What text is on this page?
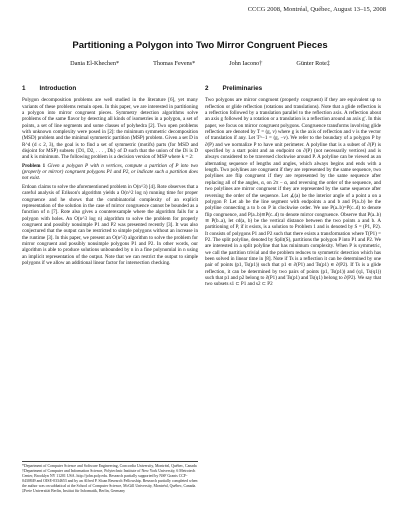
CCCG 2008, Montréal, Québec, August 13–15, 2008
Partitioning a Polygon into Two Mirror Congruent Pieces
Dania El-Khechen*	Thomas Fevens*	John Iacono†	Günter Rote‡
1 Introduction

Polygon decomposition problems are well studied in the literature [6], yet many variants of these problems remain open. In this paper, we are interested in partitioning a polygon into mirror congruent pieces. Symmetry detection algorithms solve problems of the same flavor by detecting all kinds of isometries in a polygon, a set of points, a set of line segments and some classes of polyhedra [2]. Two open problems with unknown complexity were posed in [2]: the minimum symmetric decomposition (MSD) problem and the minimal symmetric partition (MSP) problem. Given a set D in R^d (d ≤ 2, 3), the goal is to find a set of symmetric (motifs) parts (for MSD and disjoint for MSP) subsets {D1, D2, . . . , Dk} of D such that the union of the Di is D and k is minimum. The following problem is a decision version of MSP where k = 2:

Problem 1 Given a polygon P with n vertices, compute a partition of P into two (properly or mirror) congruent polygons P1 and P2, or indicate such a partition does not exist.

Erdoan claims to solve the aforementioned problem in O(n^3) [4]. Rote observes that a careful analysis of Erikson's algorithm yields a O(n^2 log n) running time for proper congruence and he shows that the combinatorial complexity of an explicit representation of the solution in the case of mirror congruence cannot be bounded as a function of n [7]. Rote also gives a counterexample where the algorithm fails for a polygon with holes. An O(n^3 log n) algorithm to solve the problem for properly congruent and possibly nonsimple P1 and P2 was presented recently [3]. It was also conjectured that the output can be restricted to simple polygons without an increase in the runtime [3]. In this paper, we present an O(n^3) algorithm to solve the problem for mirror congruent and possibly nonsimple polygons P1 and P2. In other words, our algorithm is able to produce solutions unbounded by n in a fine polynomial in n using an implicit representation of the output. Note that we can restrict the output to simple polygons if we allow an additional linear factor for intersection checking.

2 Preliminaries

Two polygons are mirror congruent (properly congruent) if they are equivalent up to reflection or glide reflection (rotations and translations). Note that a glide reflection is a reflection followed by a translation parallel to the reflection axis. A reflection about an axis g followed by a rotation or a translation is a reflection around an axis g′. In this paper, we focus on mirror congruent polygons. Congruence transforms involving glide reflection are denoted by T = (g, v) where g is the axis of reflection and v is the vector of translation if any. Let T^−1 = (g, −v). We refer to the boundary of a polygon P by ∂(P) and we normalize P to have unit perimeter. A polyline that is a subset of ∂(P) is specified by a start point and an endpoint on ∂(P) (not necessarily vertices) and is always considered to be traversed clockwise around P. A polyline can be viewed as an alternating sequence of lengths and angles, which always begins and ends with a length. Two polylines are congruent if they are represented by the same sequence, two polylines are flip congruent if they are represented by the same sequence after replacing all of the angles, α, on 2π − α, and reversing the order of the sequence, and two polylines are mirror congruent if they are represented by the same sequence after reversing the order of the sequence. Let ∡(a) be the interior angle of a point a on a polygon P. Let ab be the line segment with endpoints a and b and P(a..b) be the polyline connecting a to b on P in clockwise order. We use P(a..b)=P(c..d) to denote flip congruence, and P(a..b)≅P(c..d) to denote mirror congruence. Observe that P(a..b) ≅ P(b..a), let cd(a, b) be the vertical distance between the two points a and b. A partitioning of P, if it exists, is a solution to Problem 1 and is denoted by S = (P1, P2). It consists of polygons P1 and P2 such that there exists a transformation where T(P1) = P2. The split polyline, denoted by Split(S), partitions the polygon P into P1 and P2. We are interested in a split polyline that has minimum complexity. When P is symmetric, we call the partition trivial and the problem reduces to symmetric detection which has been solved in linear time in [8]. Note if Ts is a reflection it can be determined by one pair of points (p1, Ts(p1)) such that p1 ∈ ∂(P1) and Ts(p1) ∈ ∂(P2). If Ts is a glide reflection, it can be determined by two pairs of points (p1, Ts(p1)) and (q1, Ts(q1)) such that p1 and p2 belong to ∂(P1) and Ts(p1) and Ts(q1) belong to ∂(P2). We say that two subsets s1 ⊂ P1 and s2 ⊂ P2

*Department of Computer Science and Software Engineering, Concordia University, Montréal, Québec, Canada
†Department of Computer and Information Science, Polytechnic Institute of New York University, 6 Metrotech Center, Brooklyn NY 11201 USA. http://john.poly.edu. Research partially supported by NSF Grants CCF-0430849 and OISE-0334653 and by an Alfred P. Sloan Research Fellowship. Research partially completed when the author was on sabbatical at the School of Computer Science, McGill University, Montréal, Québec, Canada.
‡Freie Universität Berlin, Institut für Informatik, Berlin, Germany
